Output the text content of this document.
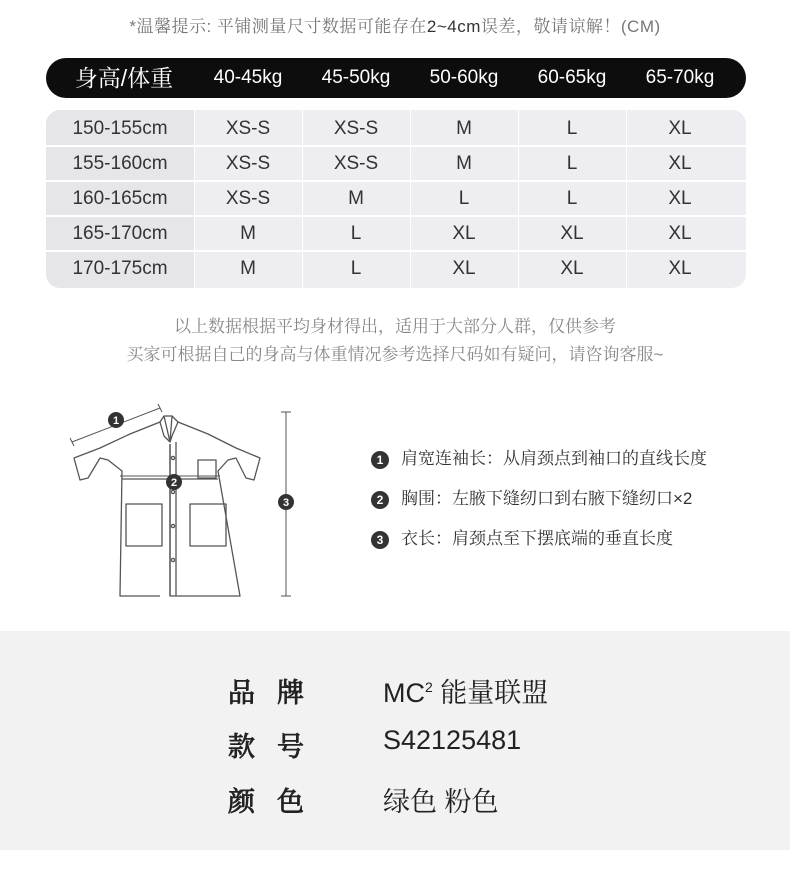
*温馨提示: 平铺测量尺寸数据可能存在2~4cm误差，敬请谅解！(CM)
身高/体重	40-45kg	45-50kg	50-60kg	60-65kg	65-70kg
150-155cm	XS-S	XS-S	M	L	XL
155-160cm	XS-S	XS-S	M	L	XL
160-165cm	XS-S	M	L	L	XL
165-170cm	M	L	XL	XL	XL
170-175cm	M	L	XL	XL	XL
以上数据根据平均身材得出，适用于大部分人群，仅供参考
买家可根据自己的身高与体重情况参考选择尺码如有疑问，请咨询客服~
1
2
3
1 肩宽连袖长：从肩颈点到袖口的直线长度
2 胸围：左腋下缝纫口到右腋下缝纫口×2
3 衣长：肩颈点至下摆底端的垂直长度
品牌 $MC^2$ 能量联盟
款号 S42125481
颜色 绿色 粉色
